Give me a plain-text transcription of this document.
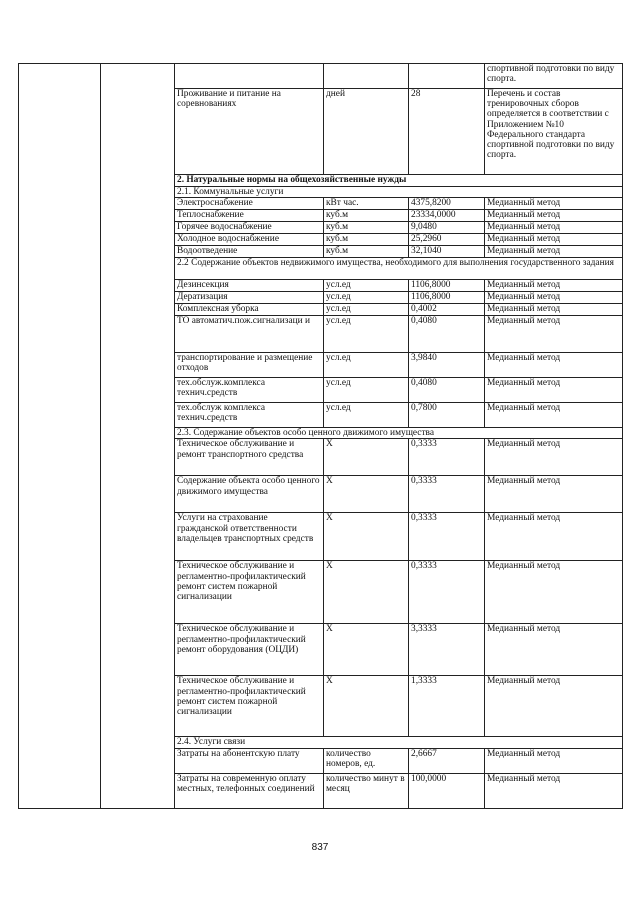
					спортивной подготовки по виду спорта.
		Проживание и питание на соревнованиях	дней	28	Перечень и состав тренировочных сборов определяется в соответствии с Приложением №10 Федерального стандарта спортивной подготовки по виду спорта.
		2. Натуральные нормы на общехозяйственные нужды			
		2.1. Коммунальные услуги			
		Электроснабжение	кВт час.	4375,8200	Медианный метод
		Теплоснабжение	куб.м	23334,0000	Медианный метод
		Горячее водоснабжение	куб.м	9,0480	Медианный метод
		Холодное водоснабжение	куб.м	25,2960	Медианный метод
		Водоотведение	куб.м	32,1040	Медианный метод
		2.2 Содержание объектов недвижимого имущества, необходимого для выполнения государственного задания			
		Дезинсекция	усл.ед	1106,8000	Медианный метод
		Дератизация	усл.ед	1106,8000	Медианный метод
		Комплексная уборка	усл.ед	0,4002	Медианный метод
		ТО автоматич.пож.сигнализаци и	усл.ед	0,4080	Медианный метод
		транспортирование и размещение отходов	усл.ед	3,9840	Медианный метод
		тех.обслуж.комплекса технич.средств	усл.ед	0,4080	Медианный метод
		тех.обслуж комплекса технич.средств	усл.ед	0,7800	Медианный метод
		2.3. Содержание объектов особо ценного движимого имущества			
		Техническое обслуживание и ремонт транспортного средства	Х	0,3333	Медианный метод
		Содержание объекта особо ценного движимого имущества	Х	0,3333	Медианный метод
		Услуги на страхование гражданской ответственности владельцев транспортных средств	Х	0,3333	Медианный метод
		Техническое обслуживание и регламентно-профилактический ремонт систем пожарной сигнализации	Х	0,3333	Медианный метод
		Техническое обслуживание и регламентно-профилактический ремонт оборудования (ОЦДИ)	Х	3,3333	Медианный метод
		Техническое обслуживание и регламентно-профилактический ремонт систем пожарной сигнализации	Х	1,3333	Медианный метод
		2.4. Услуги связи			
		Затраты на абонентскую плату	количество номеров, ед.	2,6667	Медианный метод
		Затраты на современную оплату местных, телефонных соединений	количество минут в месяц	100,0000	Медианный метод
837
